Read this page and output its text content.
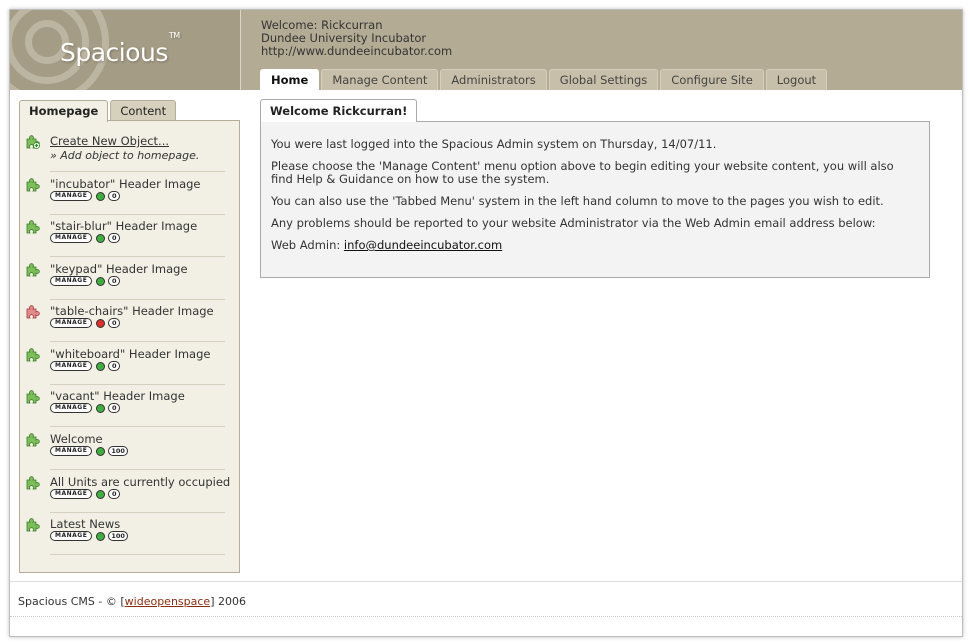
Spacious™
Welcome: Rickcurran
Dundee University Incubator
http://www.dundeeincubator.com
Home	Manage Content	Administrators	Global Settings	Configure Site	Logout
Homepage	Content
Create New Object...
» Add object to homepage.
"incubator" Header Image
MANAGE	0
"stair-blur" Header Image
MANAGE	0
"keypad" Header Image
MANAGE	0
"table-chairs" Header Image
MANAGE	0
"whiteboard" Header Image
MANAGE	0
"vacant" Header Image
MANAGE	0
Welcome
MANAGE	100
All Units are currently occupied
MANAGE	0
Latest News
MANAGE	100
Welcome Rickcurran!

You were last logged into the Spacious Admin system on Thursday, 14/07/11.

Please choose the 'Manage Content' menu option above to begin editing your website content, you will also find Help & Guidance on how to use the system.

You can also use the 'Tabbed Menu' system in the left hand column to move to the pages you wish to edit.

Any problems should be reported to your website Administrator via the Web Admin email address below:

Web Admin: info@dundeeincubator.com

Spacious CMS - © [wideopenspace] 2006
